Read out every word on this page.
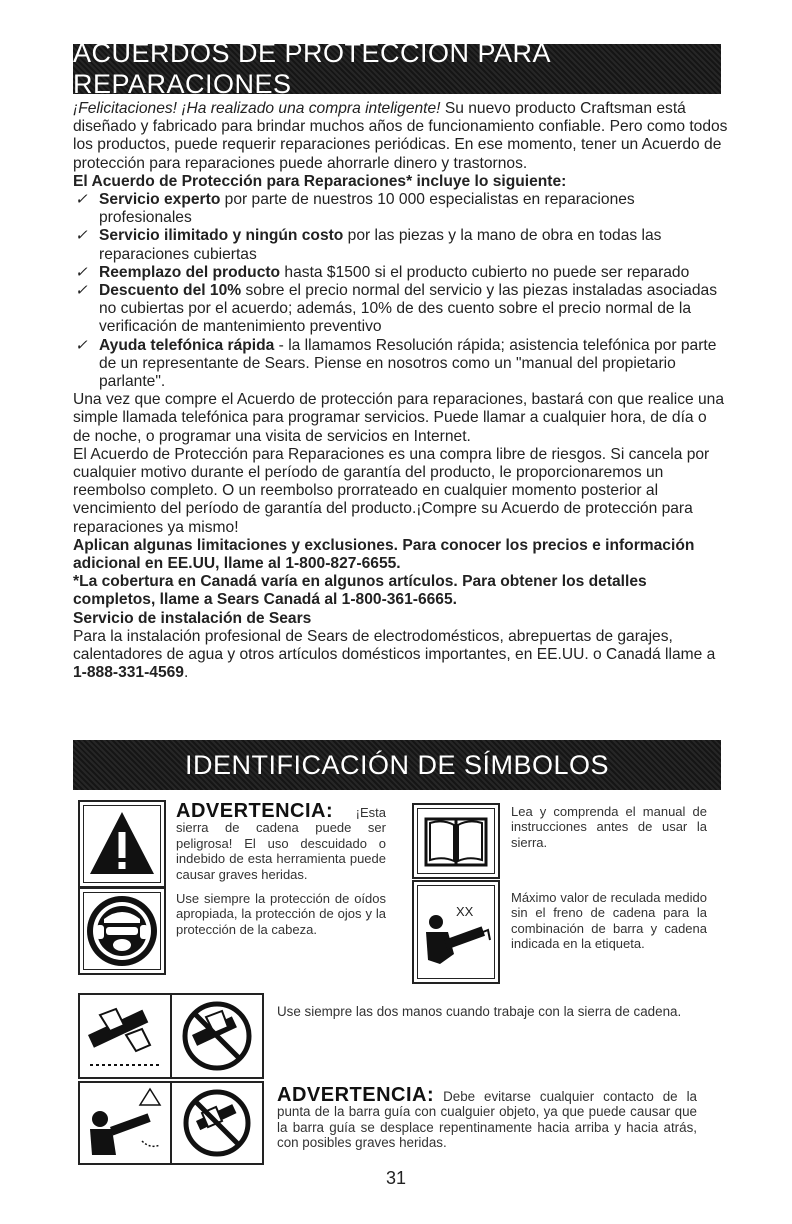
ACUERDOS DE PROTECCIÓN PARA REPARACIONES

¡Felicitaciones! ¡Ha realizado una compra inteligente! Su nuevo producto Craftsman está diseñado y fabricado para brindar muchos años de funcionamiento confiable. Pero como todos los productos, puede requerir reparaciones periódicas. En ese momento, tener un Acuerdo de protección para reparaciones puede ahorrarle dinero y trastornos.

El Acuerdo de Protección para Reparaciones* incluye lo siguiente:

✓ Servicio experto por parte de nuestros 10 000 especialistas en reparaciones profesionales
✓ Servicio ilimitado y ningún costo por las piezas y la mano de obra en todas las reparaciones cubiertas
✓ Reemplazo del producto hasta $1500 si el producto cubierto no puede ser reparado
✓ Descuento del 10% sobre el precio normal del servicio y las piezas instaladas asociadas no cubiertas por el acuerdo; además, 10% de des cuento sobre el precio normal de la verificación de mantenimiento preventivo
✓ Ayuda telefónica rápida - la llamamos Resolución rápida; asistencia telefónica por parte de un representante de Sears. Piense en nosotros como un "manual del propietario parlante".

Una vez que compre el Acuerdo de protección para reparaciones, bastará con que realice una simple llamada telefónica para programar servicios. Puede llamar a cualquier hora, de día o de noche, o programar una visita de servicios en Internet.

El Acuerdo de Protección para Reparaciones es una compra libre de riesgos. Si cancela por cualquier motivo durante el período de garantía del producto, le proporcionaremos un reembolso completo. O un reembolso prorrateado en cualquier momento posterior al vencimiento del período de garantía del producto.¡Compre su Acuerdo de protección para reparaciones ya mismo!

Aplican algunas limitaciones y exclusiones. Para conocer los precios e información adicional en EE.UU, llame al 1-800-827-6655.

*La cobertura en Canadá varía en algunos artículos. Para obtener los detalles completos, llame a Sears Canadá al 1-800-361-6665.

Servicio de instalación de Sears

Para la instalación profesional de Sears de electrodomésticos, abrepuertas de garajes, calentadores de agua y otros artículos domésticos importantes, en EE.UU. o Canadá llame a 1-888-331-4569.

IDENTIFICACIÓN DE SÍMBOLOS
ADVERTENCIA: ¡Esta sierra de cadena puede ser peligrosa! El uso descuidado o indebido de esta herramienta puede causar graves heridas.
Use siempre la protección de oídos apropiada, la protección de ojos y la protección de la cabeza.
Lea y comprenda el manual de instrucciones antes de usar la sierra.
XX
Máximo valor de reculada medido sin el freno de cadena para la combinación de barra y cadena indicada en la etiqueta.
Use siempre las dos manos cuando trabaje con la sierra de cadena.
ADVERTENCIA: Debe evitarse cualquier contacto de la punta de la barra guía con cualguier objeto, ya que puede causar que la barra guía se desplace repentinamente hacia arriba y hacia atrás, con posibles graves heridas.
31
